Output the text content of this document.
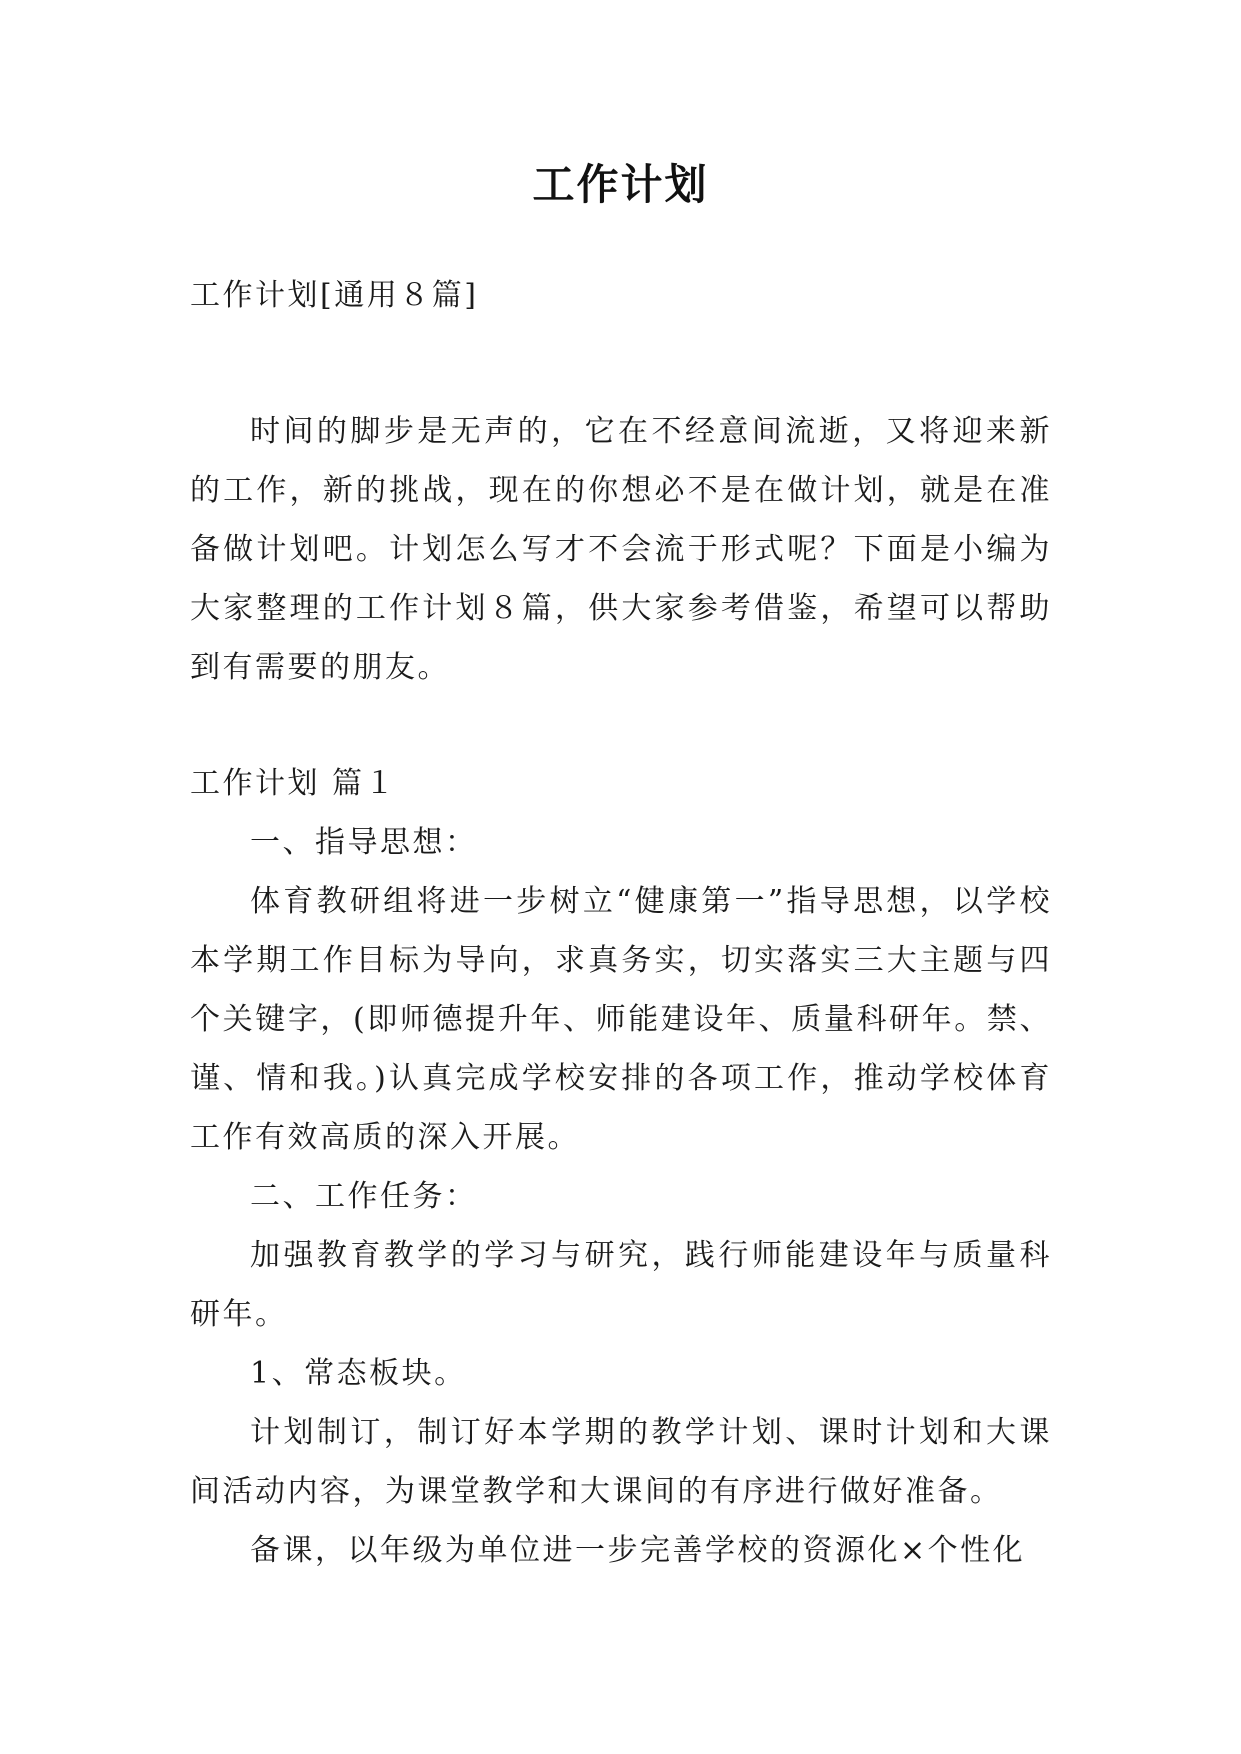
工作计划

工作计划[通用８篇]

时间的脚步是无声的，它在不经意间流逝，又将迎来新的工作，新的挑战，现在的你想必不是在做计划，就是在准备做计划吧。计划怎么写才不会流于形式呢？下面是小编为大家整理的工作计划８篇，供大家参考借鉴，希望可以帮助到有需要的朋友。

工作计划 篇１

一、指导思想：

体育教研组将进一步树立“健康第一”指导思想，以学校本学期工作目标为导向，求真务实，切实落实三大主题与四个关键字，(即师德提升年、师能建设年、质量科研年。禁、谨、情和我。)认真完成学校安排的各项工作，推动学校体育工作有效高质的深入开展。

二、工作任务：

加强教育教学的学习与研究，践行师能建设年与质量科研年。

1、常态板块。

计划制订，制订好本学期的教学计划、课时计划和大课间活动内容，为课堂教学和大课间的有序进行做好准备。

备课，以年级为单位进一步完善学校的资源化×个性化
